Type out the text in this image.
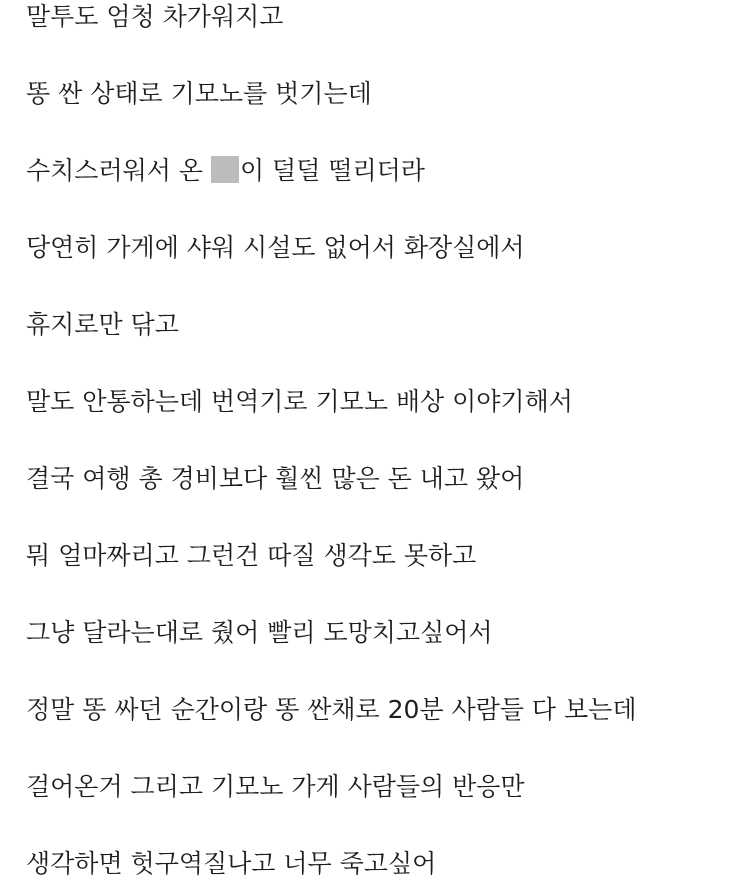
말투도 엄청 차가워지고
똥 싼 상태로 기모노를 벗기는데
수치스러워서 온 이 덜덜 떨리더라
당연히 가게에 샤워 시설도 없어서 화장실에서
휴지로만 닦고
말도 안통하는데 번역기로 기모노 배상 이야기해서
결국 여행 총 경비보다 훨씬 많은 돈 내고 왔어
뭐 얼마짜리고 그런건 따질 생각도 못하고
그냥 달라는대로 줬어 빨리 도망치고싶어서
정말 똥 싸던 순간이랑 똥 싼채로 20분 사람들 다 보는데
걸어온거 그리고 기모노 가게 사람들의 반응만
생각하면 헛구역질나고 너무 죽고싶어
